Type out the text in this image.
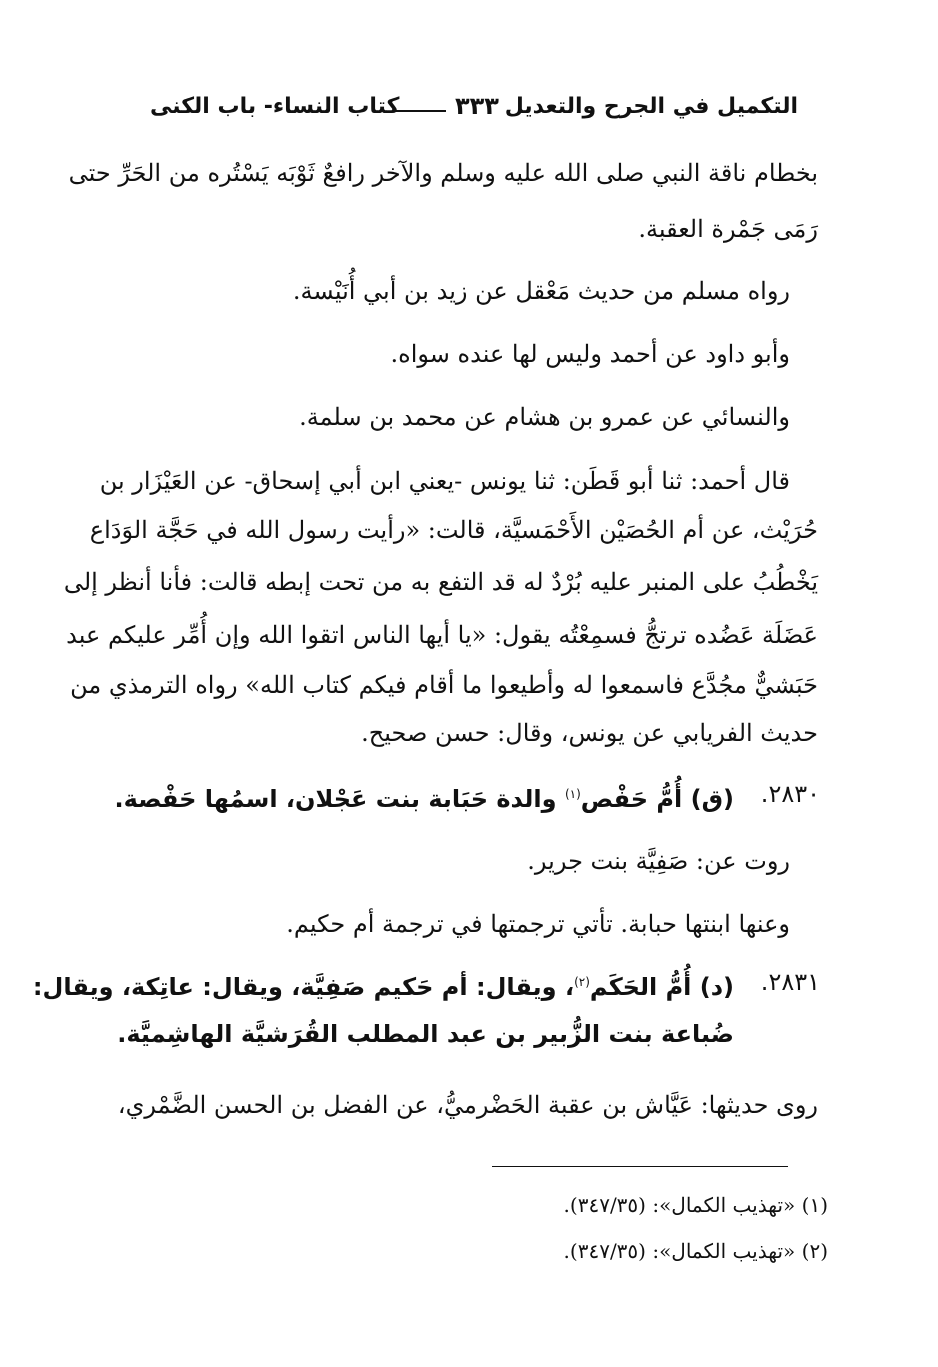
التكميل في الجرح والتعديل
٣٣٣
كتاب النساء- باب الكنى
بخطام ناقة النبي صلى الله عليه وسلم والآخر رافعٌ ثَوْبَه يَسْتُره من الحَرِّ حتى
رَمَى جَمْرة العقبة.
رواه مسلم من حديث مَعْقل عن زيد بن أبي أُنَيْسة.
وأبو داود عن أحمد وليس لها عنده سواه.
والنسائي عن عمرو بن هشام عن محمد بن سلمة.
قال أحمد: ثنا أبو قَطَن: ثنا يونس -يعني ابن أبي إسحاق- عن العَيْزَار بن
حُرَيْث، عن أم الحُصَيْن الأَحْمَسيَّة، قالت: «رأيت رسول الله في حَجَّة الوَدَاع
يَخْطُبُ على المنبر عليه بُرْدٌ له قد التفع به من تحت إبطه قالت: فأنا أنظر إلى
عَضَلَة عَضُده ترتجُّ فسمِعْتُه يقول: «يا أيها الناس اتقوا الله وإن أُمِّر عليكم عبد
حَبَشيٌّ مجُدَّع فاسمعوا له وأطيعوا ما أقام فيكم كتاب الله» رواه الترمذي من
حديث الفريابي عن يونس، وقال: حسن صحيح.
٢٨٣٠.
(ق) أُمُّ حَفْص$^{(١)}$ والدة حَبَابة بنت عَجْلان، اسمُها حَفْصة.
روت عن: صَفِيَّة بنت جرير.
وعنها ابنتها حبابة. تأتي ترجمتها في ترجمة أم حكيم.
٢٨٣١.
(د) أُمُّ الحَكَم$^{(٢)}$، ويقال: أم حَكيم صَفِيَّة، ويقال: عاتِكة، ويقال:
ضُباعة بنت الزُّبير بن عبد المطلب القُرَشيَّة الهاشِميَّة.
روى حديثها: عَيَّاش بن عقبة الحَضْرميُّ، عن الفضل بن الحسن الضَّمْري،
(١) «تهذيب الكمال»: (٣٤٧/٣٥).
(٢) «تهذيب الكمال»: (٣٤٧/٣٥).
